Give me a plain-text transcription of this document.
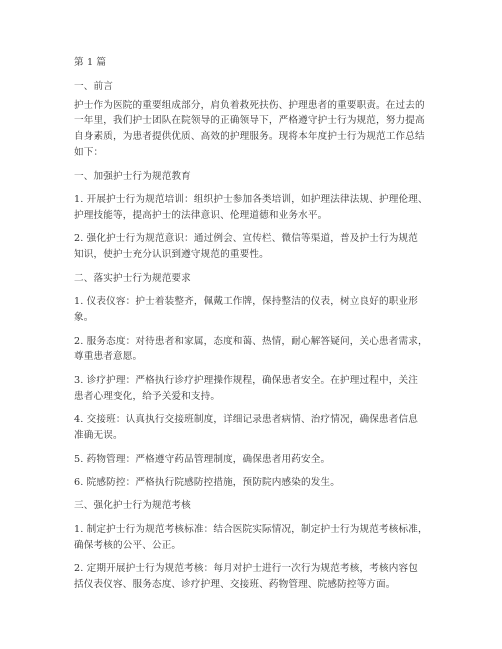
第 1 篇
一、前言
护士作为医院的重要组成部分，肩负着救死扶伤、护理患者的重要职责。在过去的
一年里，我们护士团队在院领导的正确领导下，严格遵守护士行为规范，努力提高
自身素质，为患者提供优质、高效的护理服务。现将本年度护士行为规范工作总结
如下：
一、加强护士行为规范教育
1. 开展护士行为规范培训：组织护士参加各类培训，如护理法律法规、护理伦理、
护理技能等，提高护士的法律意识、伦理道德和业务水平。
2. 强化护士行为规范意识：通过例会、宣传栏、微信等渠道，普及护士行为规范
知识，使护士充分认识到遵守规范的重要性。
二、落实护士行为规范要求
1. 仪表仪容：护士着装整齐，佩戴工作牌，保持整洁的仪表，树立良好的职业形
象。
2. 服务态度：对待患者和家属，态度和蔼、热情，耐心解答疑问，关心患者需求，
尊重患者意愿。
3. 诊疗护理：严格执行诊疗护理操作规程，确保患者安全。在护理过程中，关注
患者心理变化，给予关爱和支持。
4. 交接班：认真执行交接班制度，详细记录患者病情、治疗情况，确保患者信息
准确无误。
5. 药物管理：严格遵守药品管理制度，确保患者用药安全。
6. 院感防控：严格执行院感防控措施，预防院内感染的发生。
三、强化护士行为规范考核
1. 制定护士行为规范考核标准：结合医院实际情况，制定护士行为规范考核标准，
确保考核的公平、公正。
2. 定期开展护士行为规范考核：每月对护士进行一次行为规范考核，考核内容包
括仪表仪容、服务态度、诊疗护理、交接班、药物管理、院感防控等方面。
